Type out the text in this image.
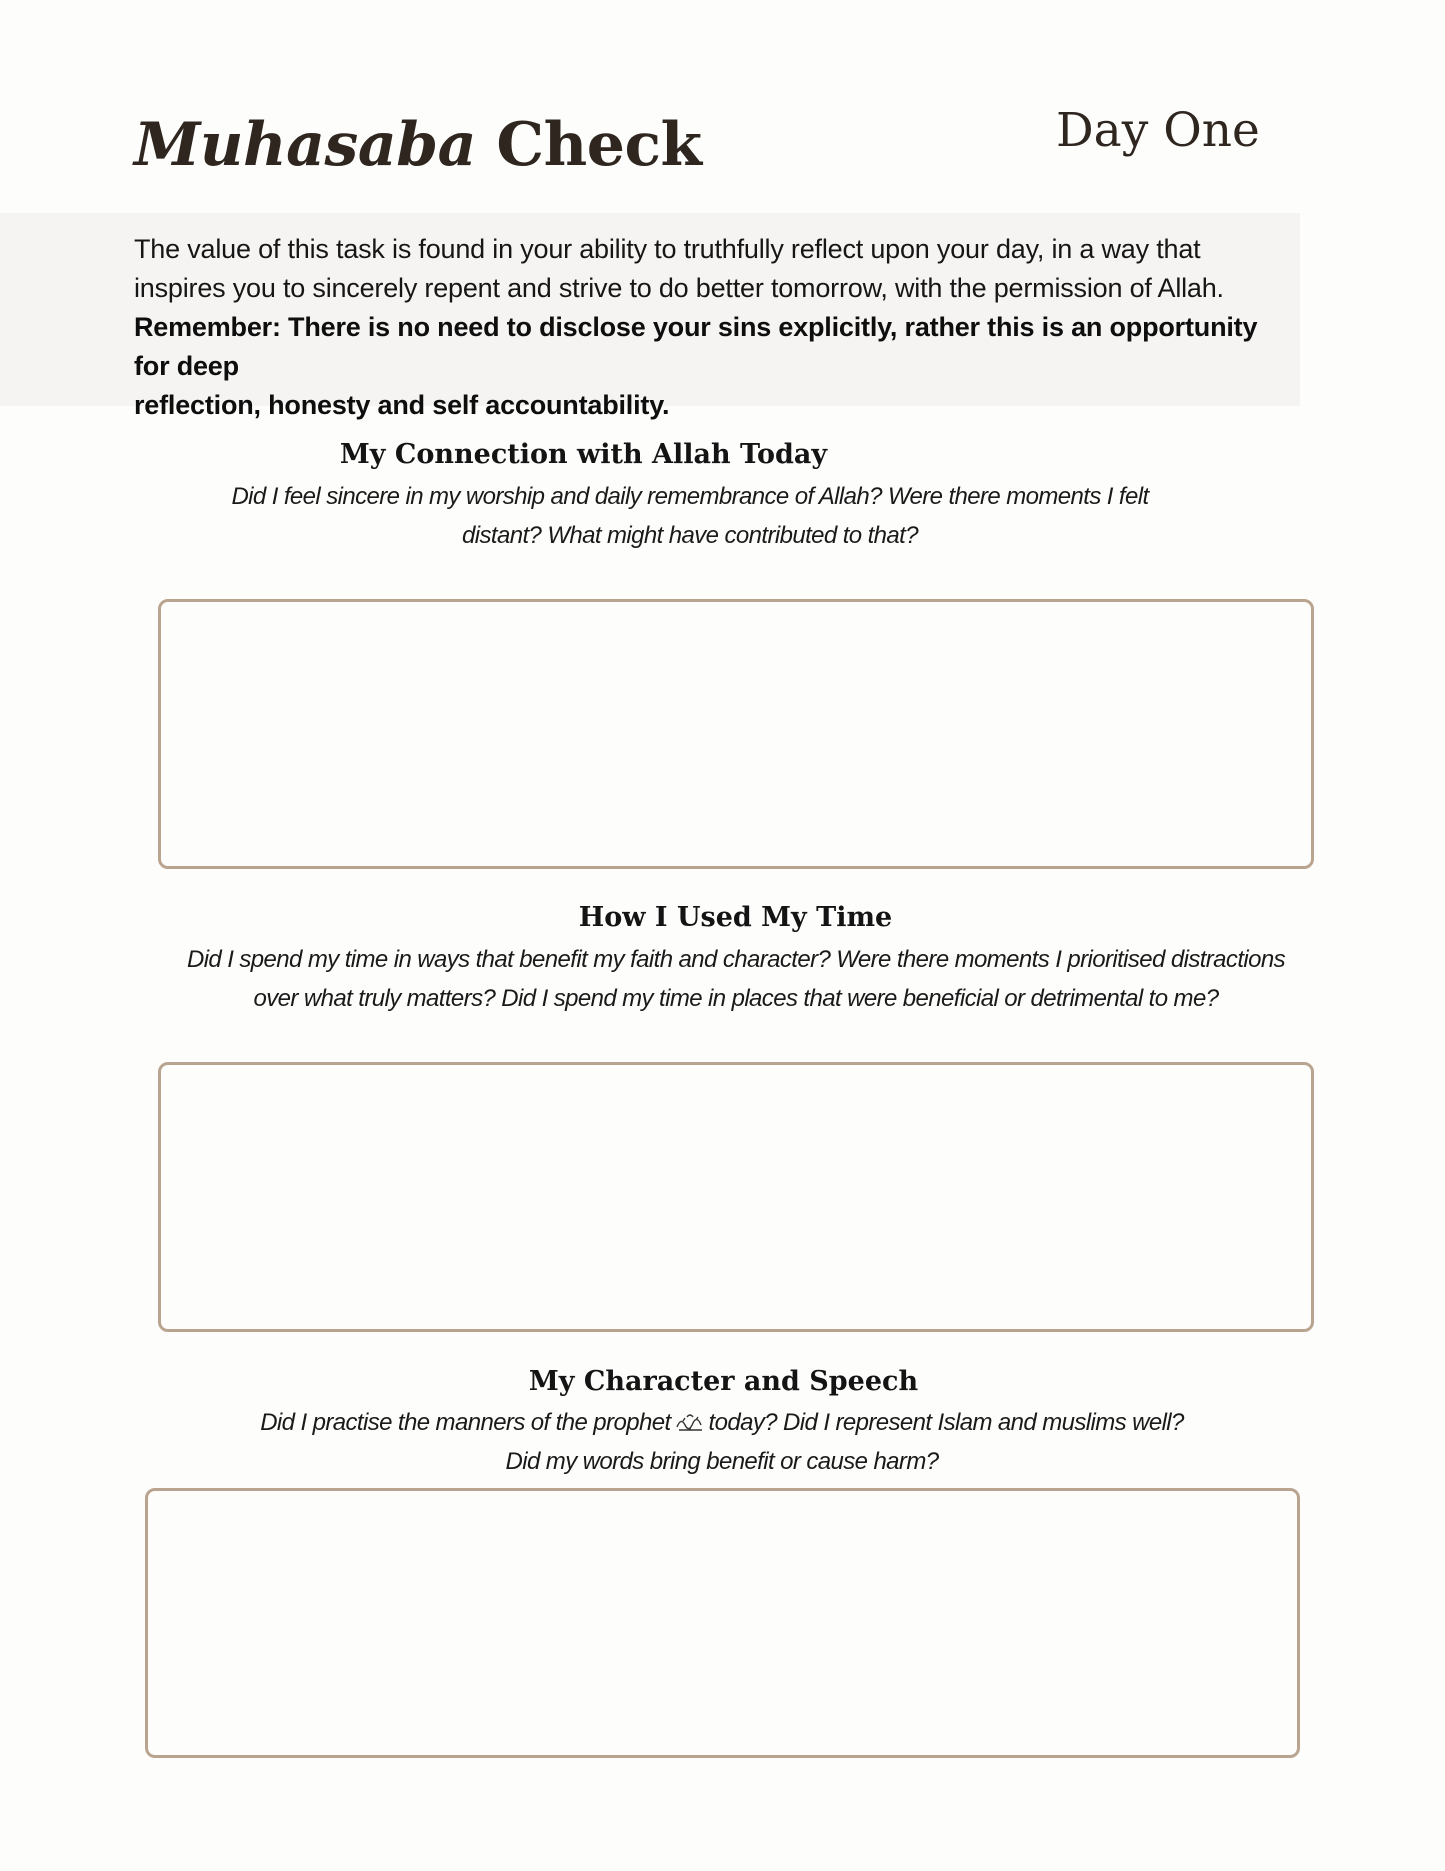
Muhasaba Check	Day One

The value of this task is found in your ability to truthfully reflect upon your day, in a way that

inspires you to sincerely repent and strive to do better tomorrow, with the permission of Allah.

Remember: There is no need to disclose your sins explicitly, rather this is an opportunity for deep

reflection, honesty and self accountability.

My Connection with Allah Today

Did I feel sincere in my worship and daily remembrance of Allah? Were there moments I felt

distant? What might have contributed to that?

How I Used My Time

Did I spend my time in ways that benefit my faith and character? Were there moments I prioritised distractions

over what truly matters? Did I spend my time in places that were beneficial or detrimental to me?

My Character and Speech

Did I practise the manners of the prophet today? Did I represent Islam and muslims well?

Did my words bring benefit or cause harm?
